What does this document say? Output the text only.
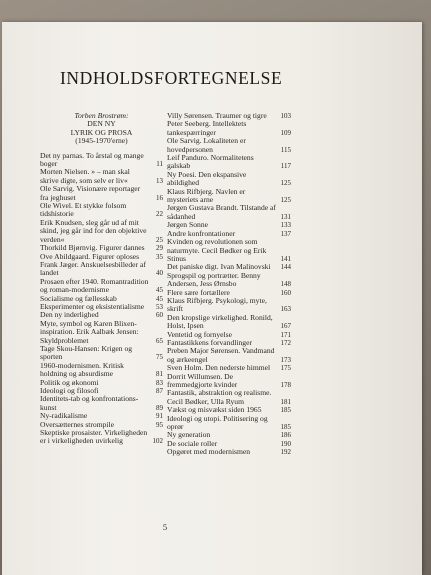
INDHOLDSFORTEGNELSE
Torben Brostrøm:
DEN NY
LYRIK OG PROSA
(1945-1970'erne)
Det ny parnas. To årstal og mange boger	11
Morten Nielsen. » – man skal skrive digte, som selv er liv«	13
Ole Sarvig. Visionære reportager fra jeghuset	16
Ole Wivel. Et stykke folsom tidshistorie	22
Erik Knudsen, sleg går ud af mit skind, jeg går ind for den objektive verden«	25
Thorkild Bjørnvig. Figurer dannes	29
Ove Abildgaard. Figurer oploses	35
Frank Jæger. Anskuelsesbilleder af landet	40
Prosaen efter 1940. Romantradition og roman-modernisme	45
Socialisme og fællesskab	45
Eksperimenter og eksistentialisme	53
Den ny inderlighed	60
Myte, symbol og Karen Blixen-inspiration. Erik Aalbæk Jensen: Skyldproblemet	65
Tage Skou-Hansen: Krigen og sporten	75
1960-modernismen. Kritisk holdning og absurdisme	81
Politik og økonomi	83
Ideologi og filosofi	87
Identitets-tab og konfrontations-kunst	89
Ny-radikalisme	91
Oversætternes strompile	95
Skeptiske prosaister. Virkeligheden er i virkeligheden uvirkelig	102
Villy Sørensen. Traumer og tigre	103
Peter Seeberg. Intellektets tankespærringer	109
Ole Sarvig. Lokaliteten er hovedpersonen	115
Leif Panduro. Normalitetens galskab	117
Ny Poesi. Den ekspansive abildighed	125
Klaus Rifbjerg. Navlen er mysteriets arne	125
Jørgen Gustava Brandt. Tilstande af sådanhed	131
Jørgen Sonne	133
Andre konfrontationer	137
Kvinden og revolutionen som naturmyte. Cecil Bødker og Erik Stinus	141
Det paniske digt. Ivan Malinovski	144
Sprogspil og portrætter. Benny Andersen, Jess Ørnsbo	148
Flere sære fortællere	160
Klaus Rifbjerg. Psykologi, myte, skrift	163
Den kropslige virkelighed. Ronild, Holst, Ipsen	167
Ventetid og fornyelse	171
Fantastikkens forvandlinger	172
Preben Major Sørensen. Vandmand og ærkeengel	173
Sven Holm. Den nederste himmel	175
Dorrit Willumsen. De fremmedgjorte kvinder	178
Fantastik, abstraktion og realisme. Cecil Bødker, Ulla Ryum	181
Vækst og misvækst siden 1965	185
Ideologi og utopi. Politisering og oprør	185
Ny generation	186
De sociale roller	190
Opgøret med modernismen	192
5
